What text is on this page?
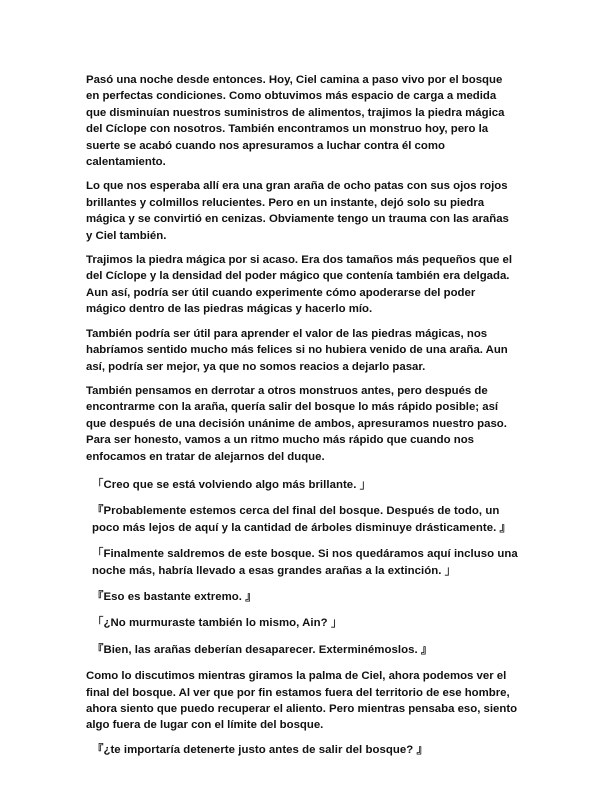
Pasó una noche desde entonces. Hoy, Ciel camina a paso vivo por el bosque en perfectas condiciones. Como obtuvimos más espacio de carga a medida que disminuían nuestros suministros de alimentos, trajimos la piedra mágica del Cíclope con nosotros. También encontramos un monstruo hoy, pero la suerte se acabó cuando nos apresuramos a luchar contra él como calentamiento.

Lo que nos esperaba allí era una gran araña de ocho patas con sus ojos rojos brillantes y colmillos relucientes. Pero en un instante, dejó solo su piedra mágica y se convirtió en cenizas. Obviamente tengo un trauma con las arañas y Ciel también.

Trajimos la piedra mágica por si acaso. Era dos tamaños más pequeños que el del Cíclope y la densidad del poder mágico que contenía también era delgada. Aun así, podría ser útil cuando experimente cómo apoderarse del poder mágico dentro de las piedras mágicas y hacerlo mío.

También podría ser útil para aprender el valor de las piedras mágicas, nos habríamos sentido mucho más felices si no hubiera venido de una araña. Aun así, podría ser mejor, ya que no somos reacios a dejarlo pasar.

También pensamos en derrotar a otros monstruos antes, pero después de encontrarme con la araña, quería salir del bosque lo más rápido posible; así que después de una decisión unánime de ambos, apresuramos nuestro paso. Para ser honesto, vamos a un ritmo mucho más rápido que cuando nos enfocamos en tratar de alejarnos del duque.

「Creo que se está volviendo algo más brillante. 」

『Probablemente estemos cerca del final del bosque. Después de todo, un poco más lejos de aquí y la cantidad de árboles disminuye drásticamente. 』

「Finalmente saldremos de este bosque. Si nos quedáramos aquí incluso una noche más, habría llevado a esas grandes arañas a la extinción. 」

『Eso es bastante extremo. 』

「¿No murmuraste también lo mismo, Ain? 」

『Bien, las arañas deberían desaparecer. Exterminémoslos. 』

Como lo discutimos mientras giramos la palma de Ciel, ahora podemos ver el final del bosque. Al ver que por fin estamos fuera del territorio de ese hombre, ahora siento que puedo recuperar el aliento. Pero mientras pensaba eso, siento algo fuera de lugar con el límite del bosque.

『¿te importaría detenerte justo antes de salir del bosque? 』
